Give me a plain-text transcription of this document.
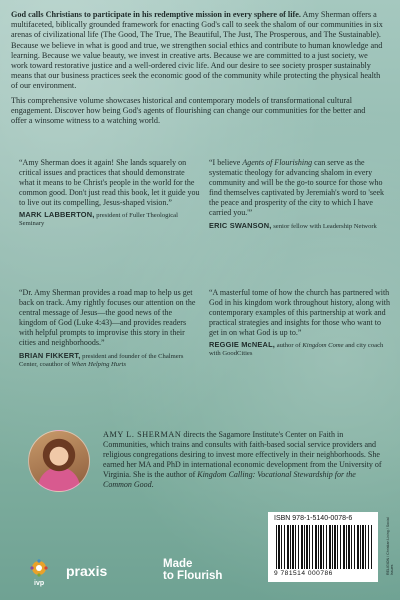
God calls Christians to participate in his redemptive mission in every sphere of life. Amy Sherman offers a multifaceted, biblically grounded framework for enacting God's call to seek the shalom of our communities in six arenas of civilizational life (The Good, The True, The Beautiful, The Just, The Prosperous, and The Sustainable). Because we believe in what is good and true, we strengthen social ethics and contribute to human knowledge and learning. Because we value beauty, we invest in creative arts. Because we are committed to a just society, we work toward restorative justice and a well-ordered civic life. And our desire to see society prosper sustainably means that our business practices seek the economic good of the community while protecting the physical health of our environment.

This comprehensive volume showcases historical and contemporary models of transformational cultural engagement. Discover how being God's agents of flourishing can change our communities for the better and offer a winsome witness to a watching world.

“Amy Sherman does it again! She lands squarely on critical issues and practices that should demonstrate what it means to be Christ's people in the world for the common good. Don't just read this book, let it guide you to live out its compelling, Jesus-shaped vision.”
MARK LABBERTON, president of Fuller Theological Seminary
“I believe Agents of Flourishing can serve as the systematic theology for advancing shalom in every community and will be the go-to source for those who find themselves captivated by Jeremiah's word to 'seek the peace and prosperity of the city to which I have carried you.'”
ERIC SWANSON, senior fellow with Leadership Network
“Dr. Amy Sherman provides a road map to help us get back on track. Amy rightly focuses our attention on the central message of Jesus—the good news of the kingdom of God (Luke 4:43)—and provides readers with helpful prompts to improvise this story in their cities and neighborhoods.”
BRIAN FIKKERT, president and founder of the Chalmers Center, coauthor of When Helping Hurts
“A masterful tome of how the church has partnered with God in his kingdom work throughout history, along with contemporary examples of this partnership at work and practical strategies and insights for those who want to get in on what God is up to.”
REGGIE McNEAL, author of Kingdom Come and city coach with GoodCities
AMY L. SHERMAN directs the Sagamore Institute's Center on Faith in Communities, which trains and consults with faith-based social service providers and religious congregations desiring to invest more effectively in their neighborhoods. She earned her MA and PhD in international economic development from the University of Virginia. She is the author of Kingdom Calling: Vocational Stewardship for the Common Good.
ivp
praxis	Made
to Flourish
ISBN 978-1-5140-0078-6
9 781514 000786	RELIGION / Christian Living / Social Issues
